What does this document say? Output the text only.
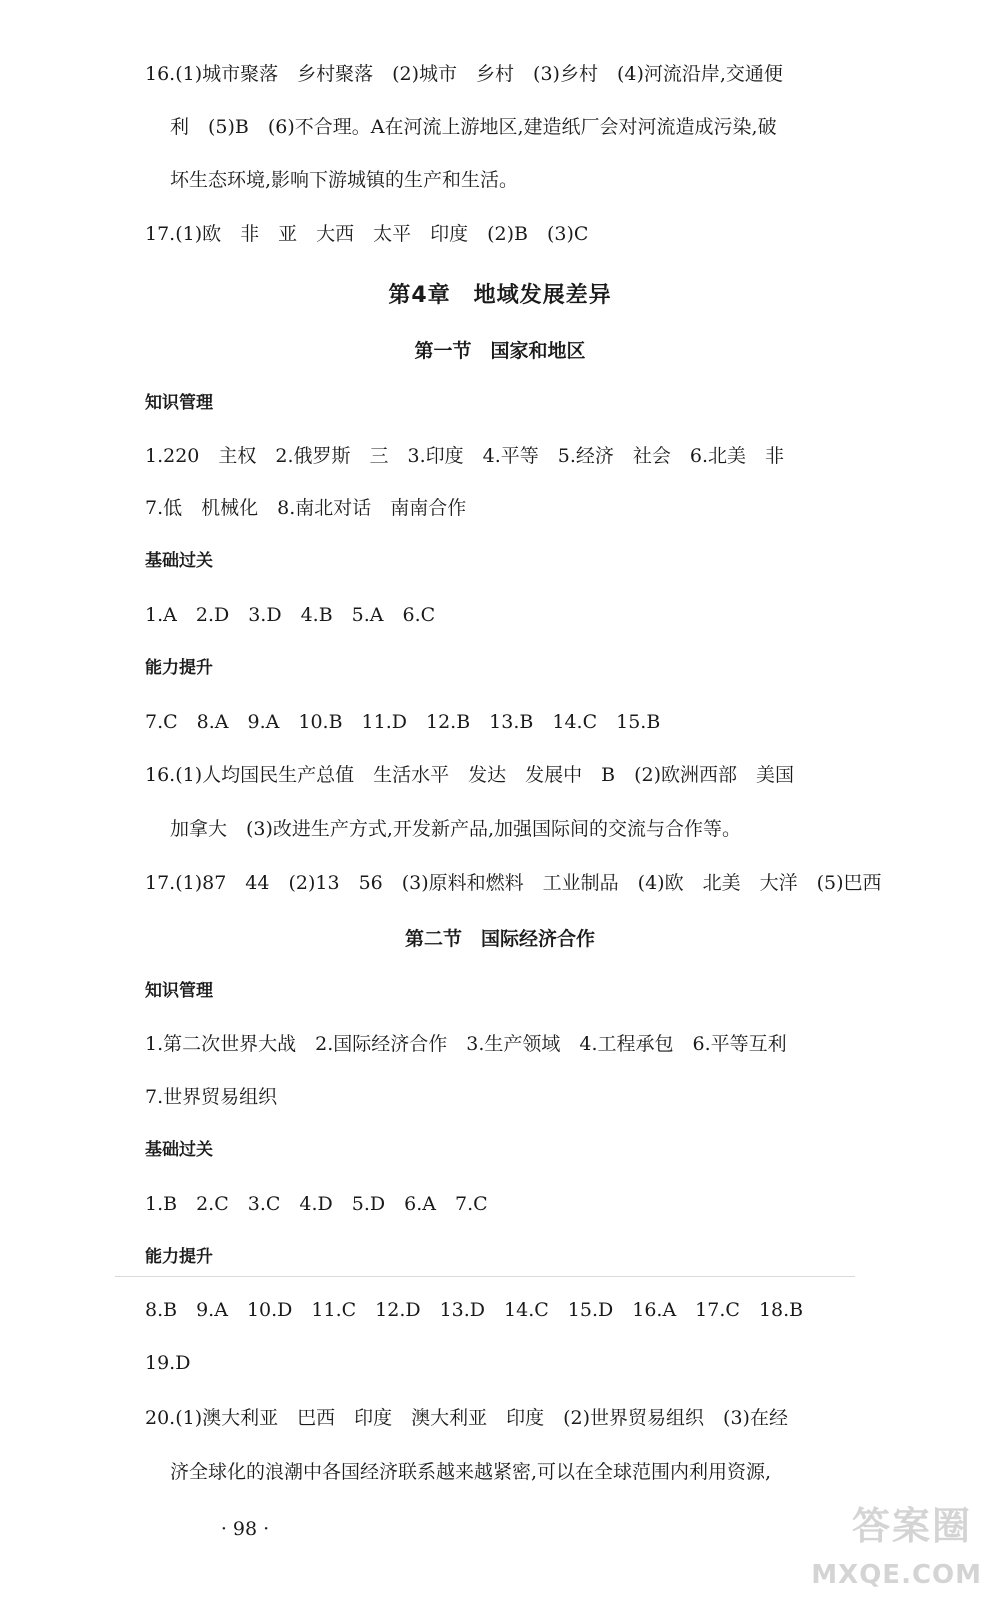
16.(1)城市聚落　乡村聚落　(2)城市　乡村　(3)乡村　(4)河流沿岸,交通便
利　(5)B　(6)不合理。A在河流上游地区,建造纸厂会对河流造成污染,破
坏生态环境,影响下游城镇的生产和生活。
17.(1)欧　非　亚　大西　太平　印度　(2)B　(3)C
第4章　地域发展差异
第一节　国家和地区
知识管理
1.220　主权　2.俄罗斯　三　3.印度　4.平等　5.经济　社会　6.北美　非
7.低　机械化　8.南北对话　南南合作
基础过关
1.A　2.D　3.D　4.B　5.A　6.C
能力提升
7.C　8.A　9.A　10.B　11.D　12.B　13.B　14.C　15.B
16.(1)人均国民生产总值　生活水平　发达　发展中　B　(2)欧洲西部　美国
加拿大　(3)改进生产方式,开发新产品,加强国际间的交流与合作等。
17.(1)87　44　(2)13　56　(3)原料和燃料　工业制品　(4)欧　北美　大洋　(5)巴西
第二节　国际经济合作
知识管理
1.第二次世界大战　2.国际经济合作　3.生产领域　4.工程承包　6.平等互利
7.世界贸易组织
基础过关
1.B　2.C　3.C　4.D　5.D　6.A　7.C
能力提升
8.B　9.A　10.D　11.C　12.D　13.D　14.C　15.D　16.A　17.C　18.B
19.D
20.(1)澳大利亚　巴西　印度　澳大利亚　印度　(2)世界贸易组织　(3)在经
济全球化的浪潮中各国经济联系越来越紧密,可以在全球范围内利用资源,
· 98 ·	答案圈
MXQE.COM
